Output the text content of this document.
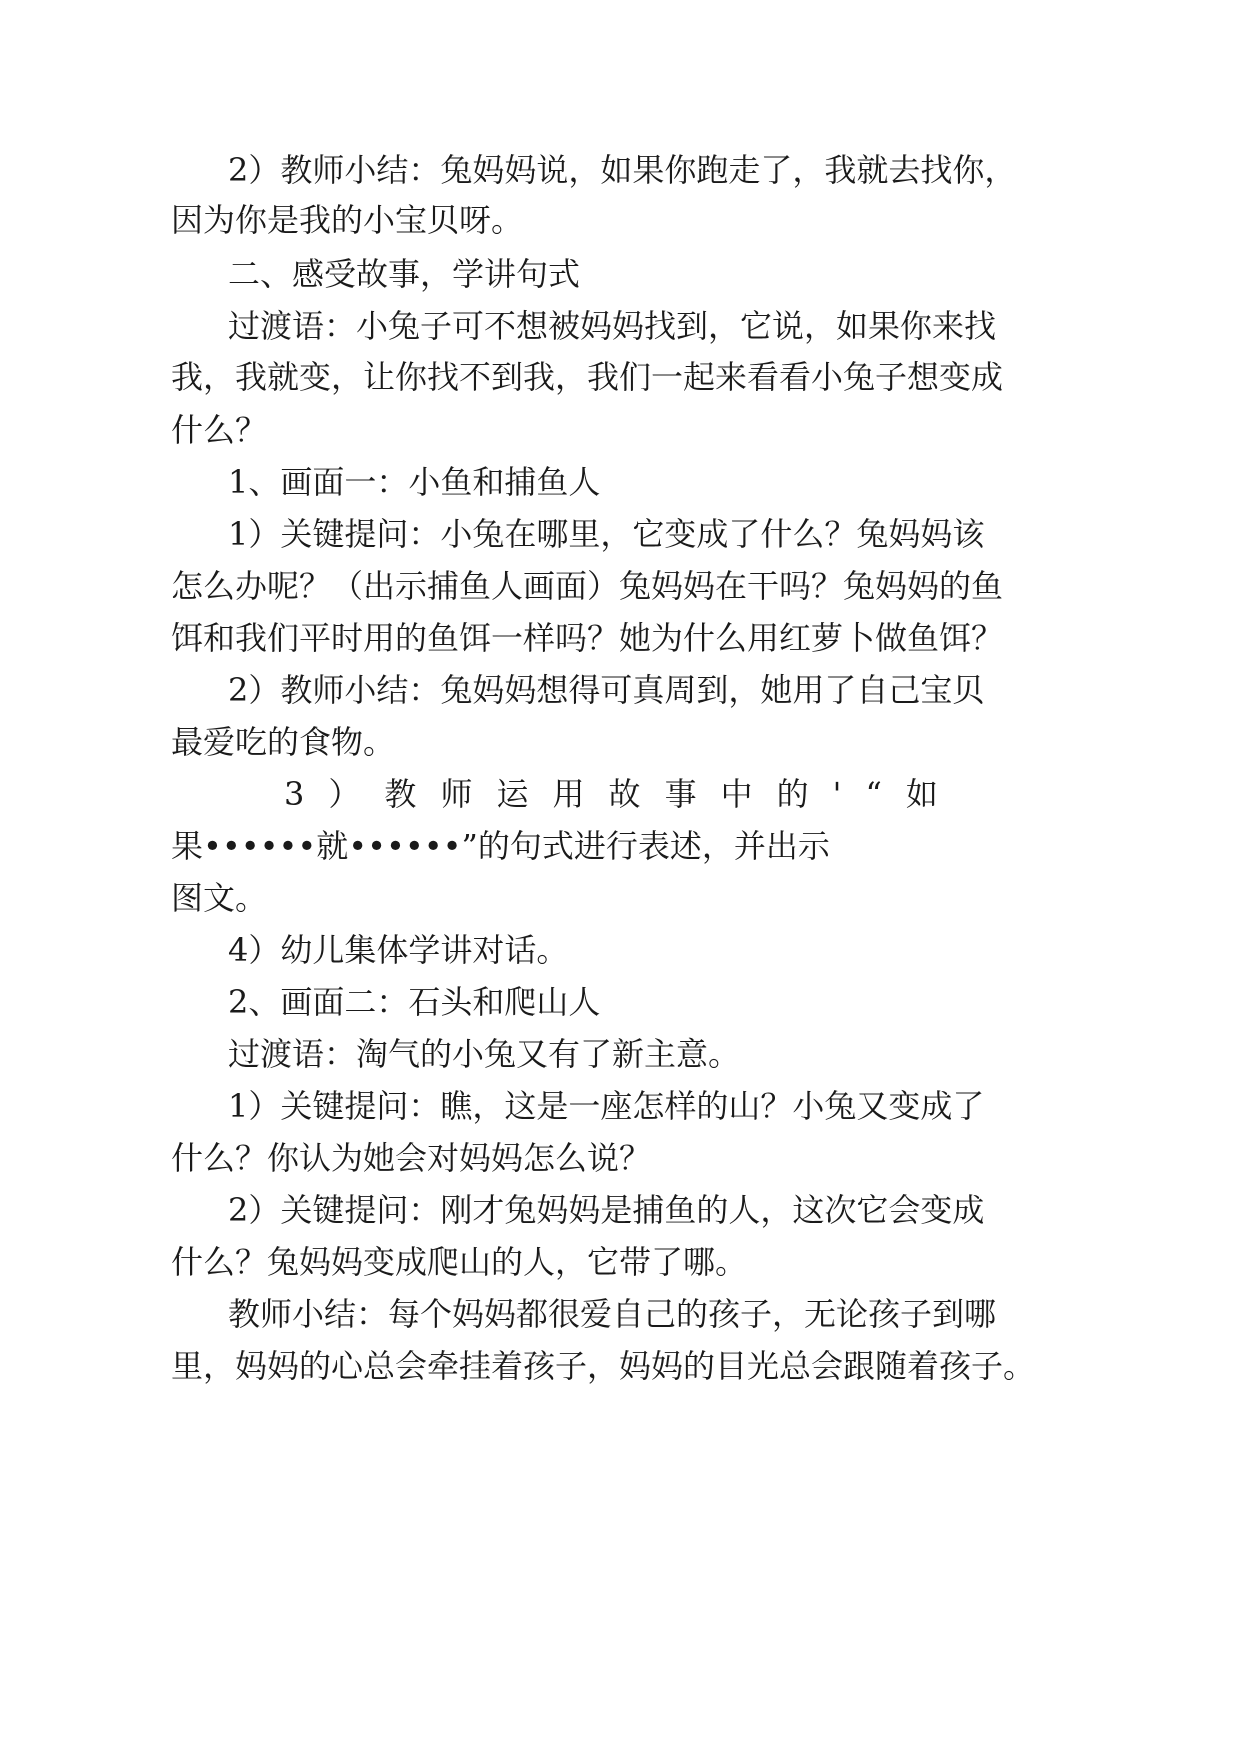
2）教师小结：兔妈妈说，如果你跑走了，我就去找你，
因为你是我的小宝贝呀。
二、感受故事，学讲句式
过渡语：小兔子可不想被妈妈找到，它说，如果你来找
我，我就变，让你找不到我，我们一起来看看小兔子想变成
什么？
1、画面一：小鱼和捕鱼人
1）关键提问：小兔在哪里，它变成了什么？兔妈妈该
怎么办呢？（出示捕鱼人画面）兔妈妈在干吗？兔妈妈的鱼
饵和我们平时用的鱼饵一样吗？她为什么用红萝卜做鱼饵？
2）教师小结：兔妈妈想得可真周到，她用了自己宝贝
最爱吃的食物。
3 ） 教 师 运 用 故 事 中 的 ' “ 如
果••••••就••••••”的句式进行表述，并出示
图文。
4）幼儿集体学讲对话。
2、画面二：石头和爬山人
过渡语：淘气的小兔又有了新主意。
1）关键提问：瞧，这是一座怎样的山？小兔又变成了
什么？你认为她会对妈妈怎么说？
2）关键提问：刚才兔妈妈是捕鱼的人，这次它会变成
什么？兔妈妈变成爬山的人，它带了哪。
教师小结：每个妈妈都很爱自己的孩子，无论孩子到哪
里，妈妈的心总会牵挂着孩子，妈妈的目光总会跟随着孩子。
